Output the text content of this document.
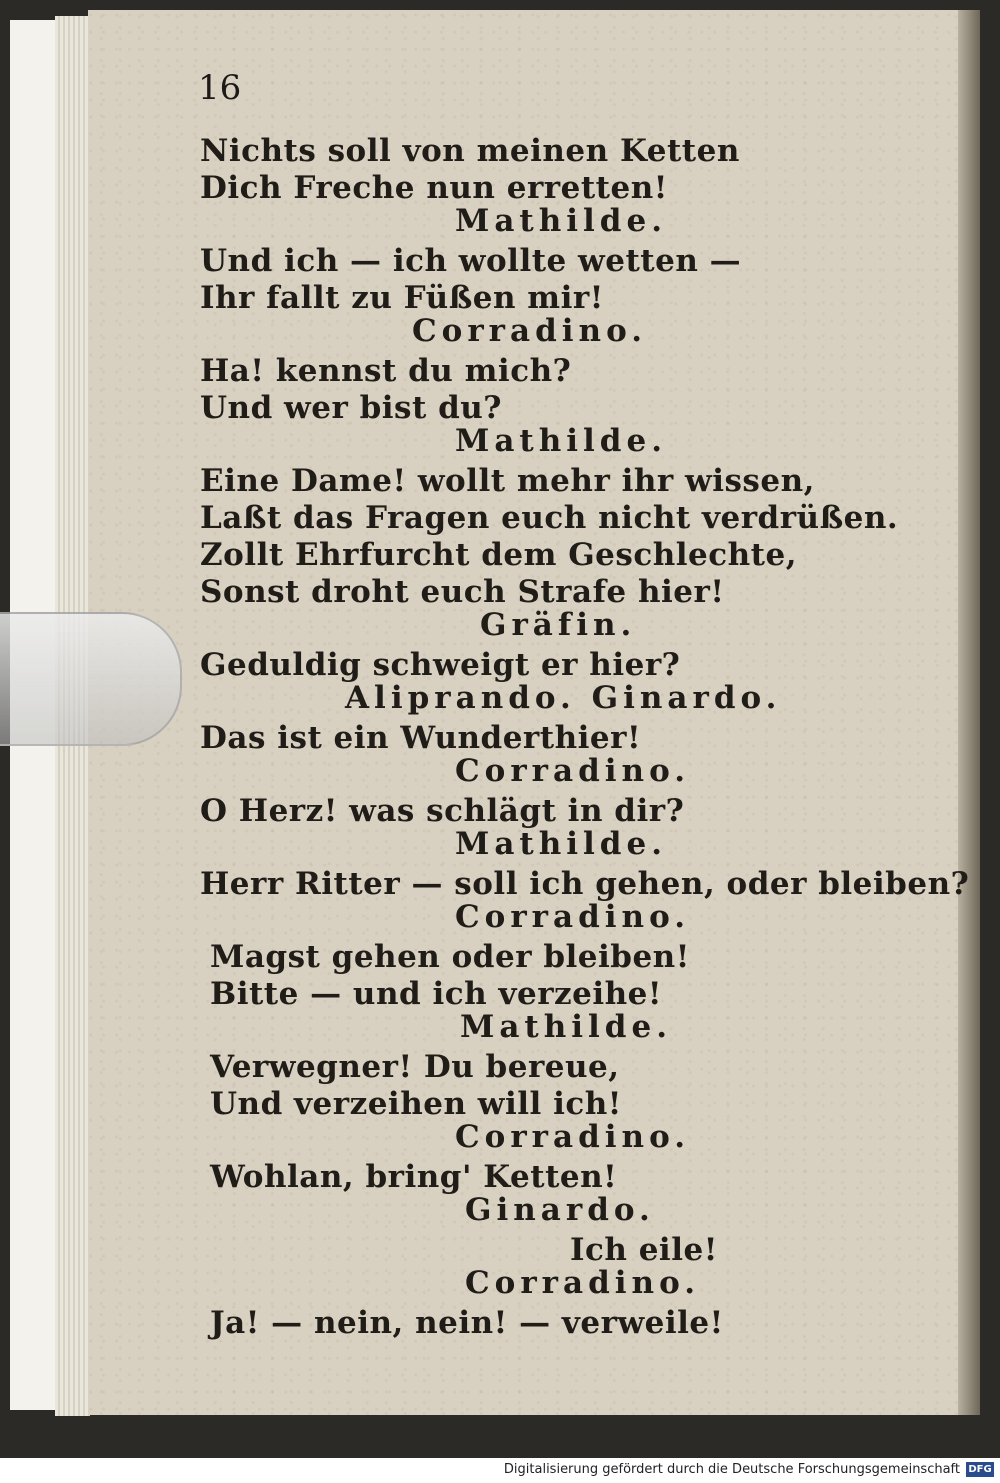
16
Nichts soll von meinen Ketten
Dich Freche nun erretten!
Mathilde.
Und ich — ich wollte wetten —
Ihr fallt zu Füßen mir!
Corradino.
Ha! kennst du mich?
Und wer bist du?
Mathilde.
Eine Dame! wollt mehr ihr wissen,
Laßt das Fragen euch nicht verdrüßen.
Zollt Ehrfurcht dem Geschlechte,
Sonst droht euch Strafe hier!
Gräfin.
Geduldig schweigt er hier?
Aliprando. Ginardo.
Das ist ein Wunderthier!
Corradino.
O Herz! was schlägt in dir?
Mathilde.
Herr Ritter — soll ich gehen, oder bleiben?
Corradino.
Magst gehen oder bleiben!
Bitte — und ich verzeihe!
Mathilde.
Verwegner! Du bereue,
Und verzeihen will ich!
Corradino.
Wohlan, bring' Ketten!
Ginardo.
Ich eile!
Corradino.
Ja! — nein, nein! — verweile!
Digitalisierung gefördert durch die Deutsche Forschungsgemeinschaft DFG
